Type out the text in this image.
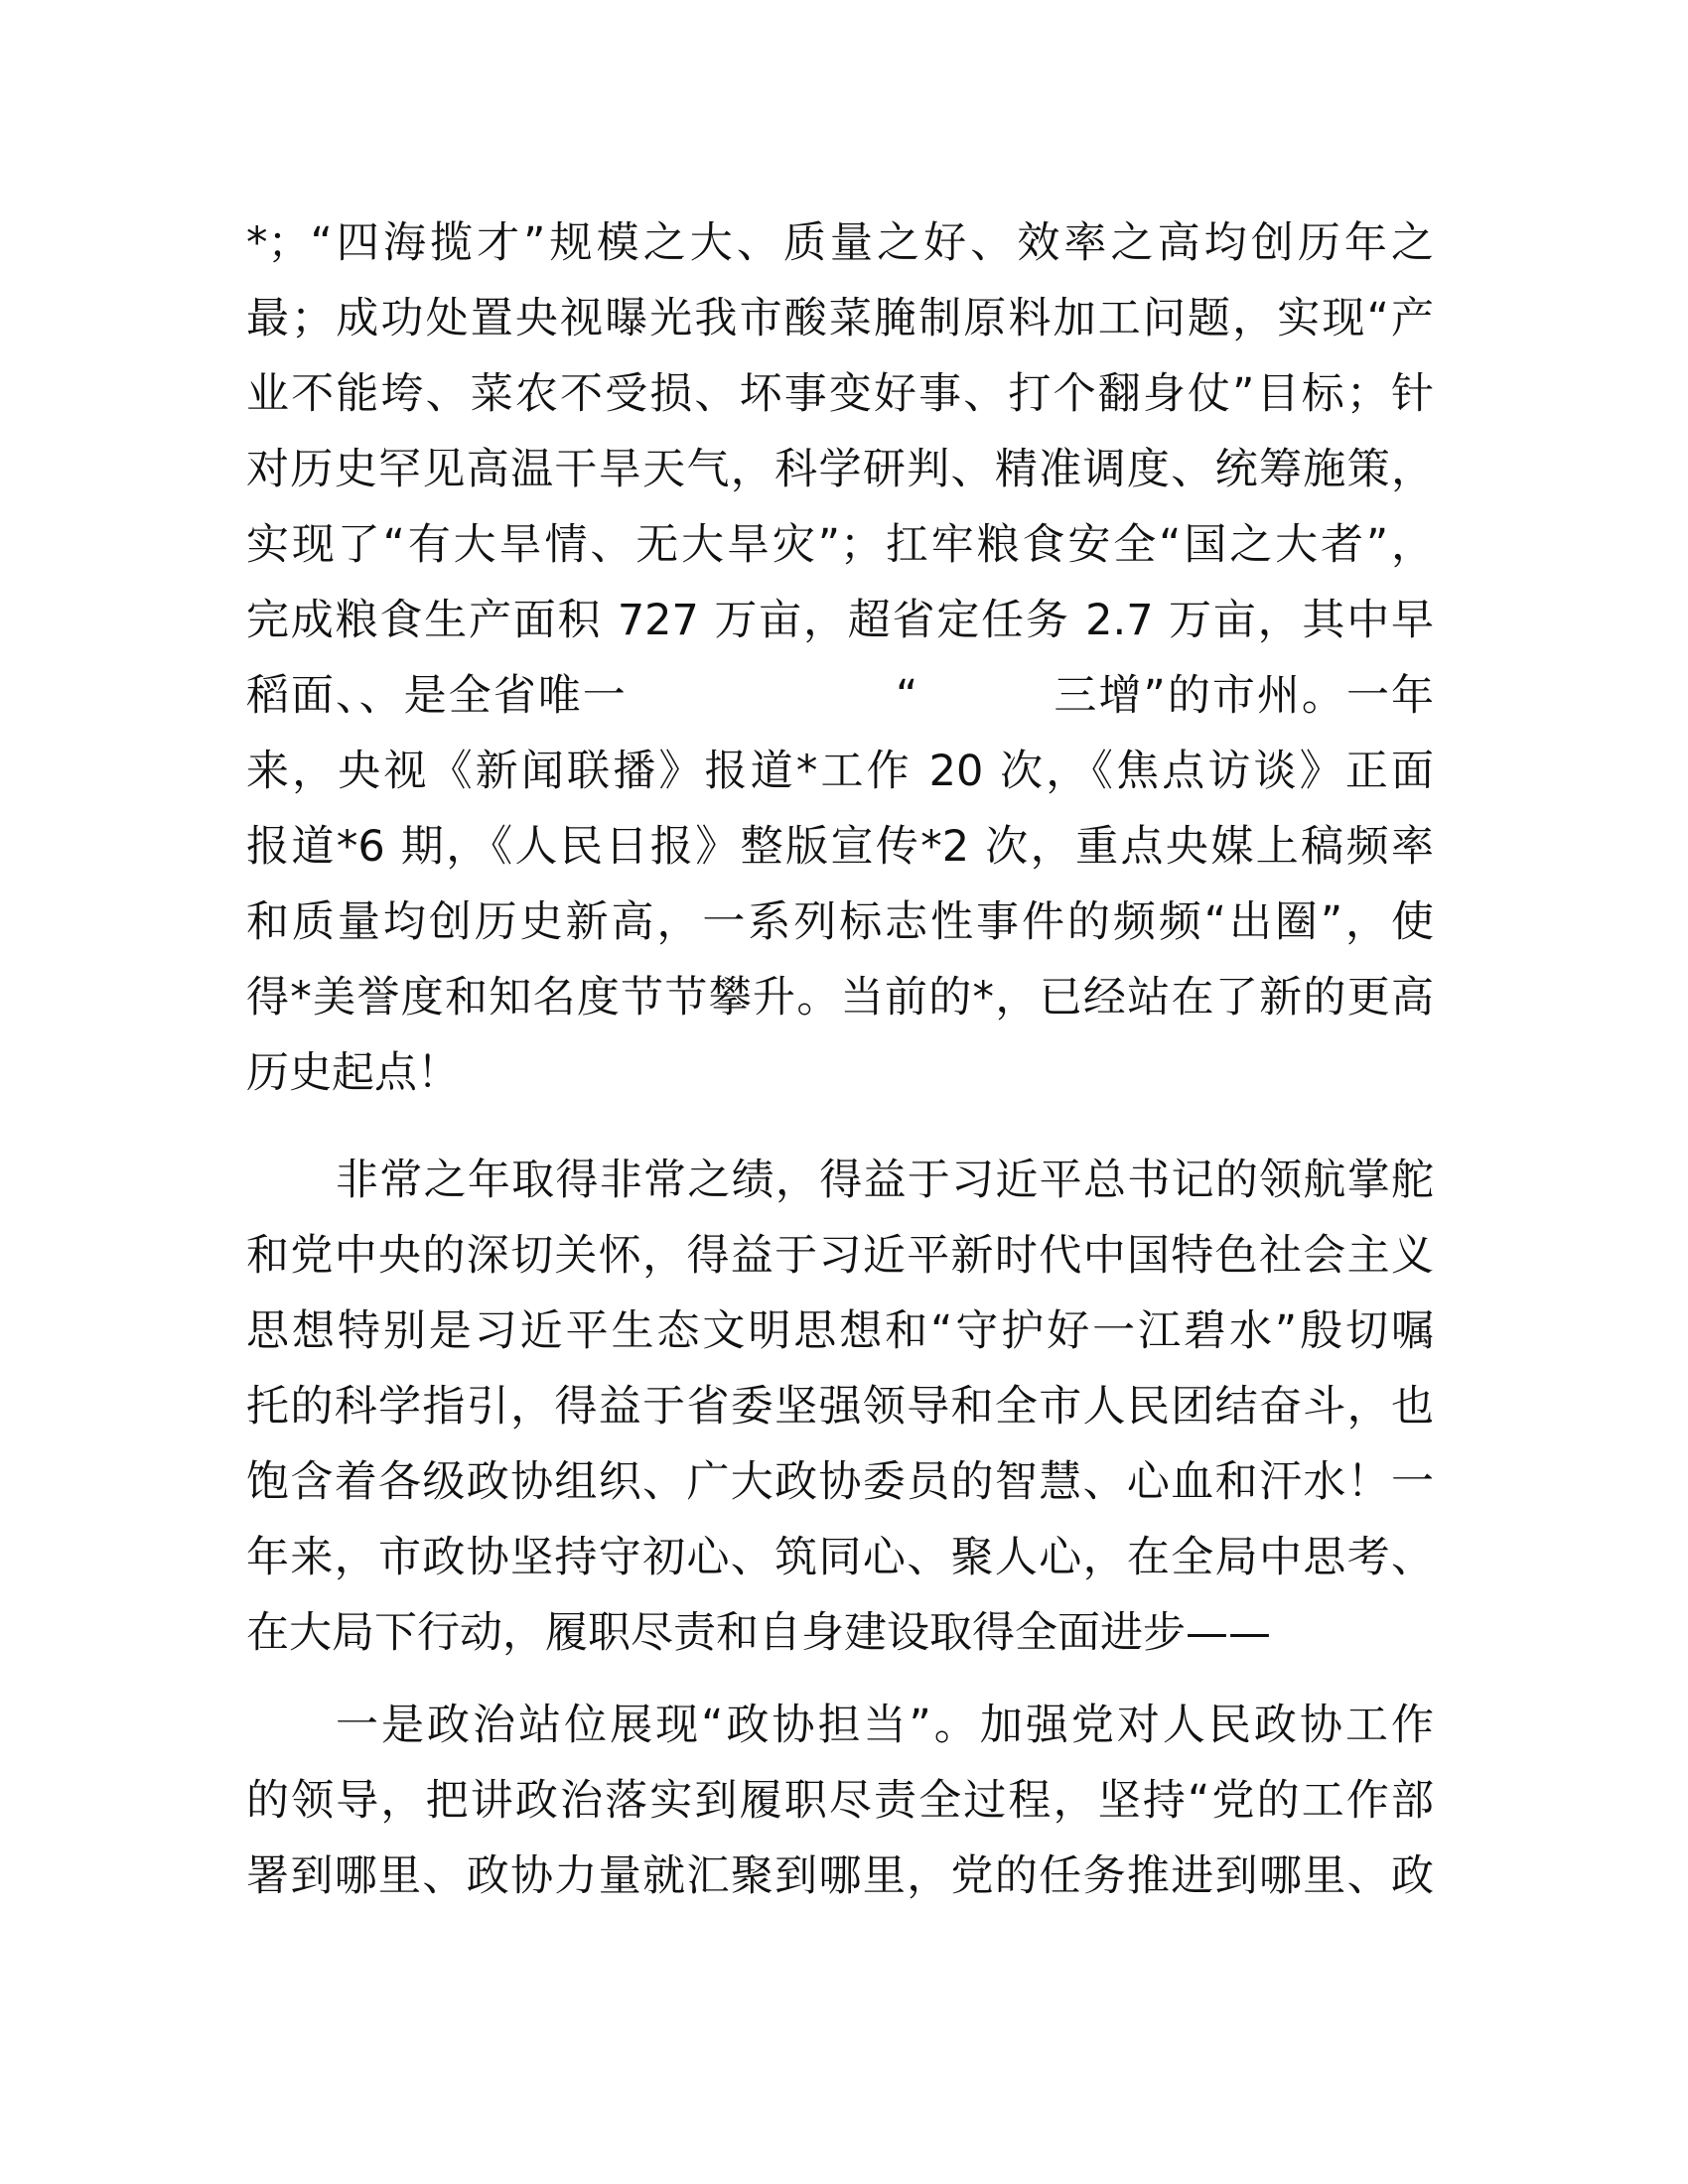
*；“四海揽才”规模之大、质量之好、效率之高均创历年之
最；成功处置央视曝光我市酸菜腌制原料加工问题，实现“产
业不能垮、菜农不受损、坏事变好事、打个翻身仗”目标；针
对历史罕见高温干旱天气，科学研判、精准调度、统筹施策，
实现了“有大旱情、无大旱灾”；扛牢粮食安全“国之大者”，
完成粮食生产面积 727 万亩，超省定任务 2.7 万亩，其中早
稻面、、是全省唯一　　　　　　“　　　三增”的市州。一年
来，央视《新闻联播》报道*工作 20 次，《焦点访谈》正面
报道*6 期，《人民日报》整版宣传*2 次，重点央媒上稿频率
和质量均创历史新高，一系列标志性事件的频频“出圈”，使
得*美誉度和知名度节节攀升。当前的*，已经站在了新的更高
历史起点！
非常之年取得非常之绩，得益于习近平总书记的领航掌舵
和党中央的深切关怀，得益于习近平新时代中国特色社会主义
思想特别是习近平生态文明思想和“守护好一江碧水”殷切嘱
托的科学指引，得益于省委坚强领导和全市人民团结奋斗，也
饱含着各级政协组织、广大政协委员的智慧、心血和汗水！一
年来，市政协坚持守初心、筑同心、聚人心，在全局中思考、
在大局下行动，履职尽责和自身建设取得全面进步——
一是政治站位展现“政协担当”。加强党对人民政协工作
的领导，把讲政治落实到履职尽责全过程，坚持“党的工作部
署到哪里、政协力量就汇聚到哪里，党的任务推进到哪里、政
